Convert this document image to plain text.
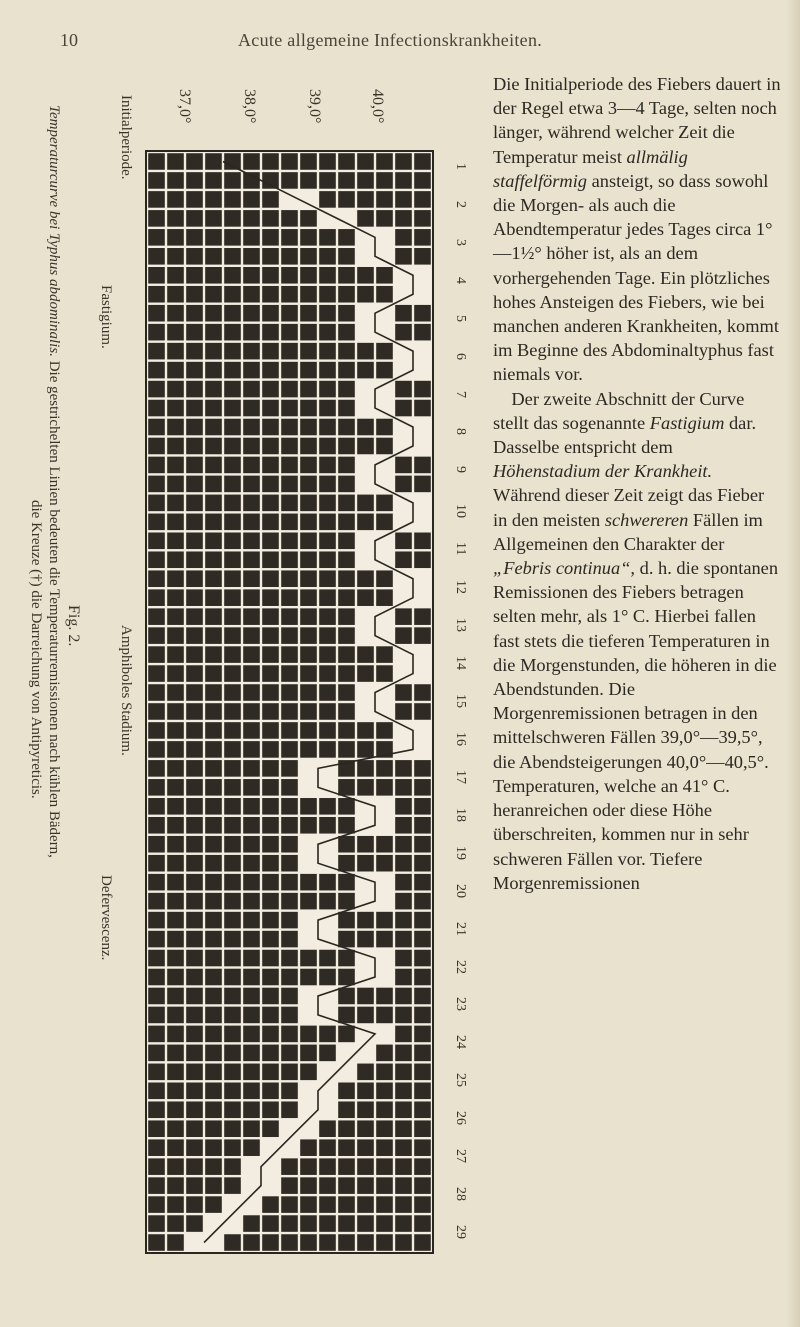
10	Acute allgemeine Infectionskrankheiten.
37,0°	38,0°	39,0°	40,0°
1
2
3
4
5
6
7
8
9
10
11
12
13
14
15
16
17
18
19
20
21
22
23
24
25
26
27
28
29
Initialperiode.
Fastigium.
Amphiboles Stadium.
Defervescenz.
Temperaturcurve bei Typhus abdominalis. Die gestrichelten Linien bedeuten die Temperaturremissionen nach kühlen Bädern,
die Kreuze (†) die Darreichung von Antipyreticis. Fig. 2.

Die Initialperiode des Fiebers dauert in der Regel etwa 3—4 Tage, selten noch länger, während welcher Zeit die Temperatur meist allmälig staffelförmig ansteigt, so dass sowohl die Morgen- als auch die Abendtemperatur jedes Tages circa 1°—1½° höher ist, als an dem vorhergehenden Tage. Ein plötzliches hohes Ansteigen des Fiebers, wie bei manchen anderen Krankheiten, kommt im Beginne des Abdominaltyphus fast niemals vor.

Der zweite Abschnitt der Curve stellt das sogenannte Fastigium dar. Dasselbe entspricht dem Höhenstadium der Krankheit. Während dieser Zeit zeigt das Fieber in den meisten schwereren Fällen im Allgemeinen den Charakter der „Febris continua“, d. h. die spontanen Remissionen des Fiebers betragen selten mehr, als 1° C. Hierbei fallen fast stets die tieferen Temperaturen in die Morgenstunden, die höheren in die Abendstunden. Die Morgenremissionen betragen in den mittelschweren Fällen 39,0°—39,5°, die Abendsteigerungen 40,0°—40,5°. Temperaturen, welche an 41° C. heranreichen oder diese Höhe überschreiten, kommen nur in sehr schweren Fällen vor. Tiefere Morgenremissionen
